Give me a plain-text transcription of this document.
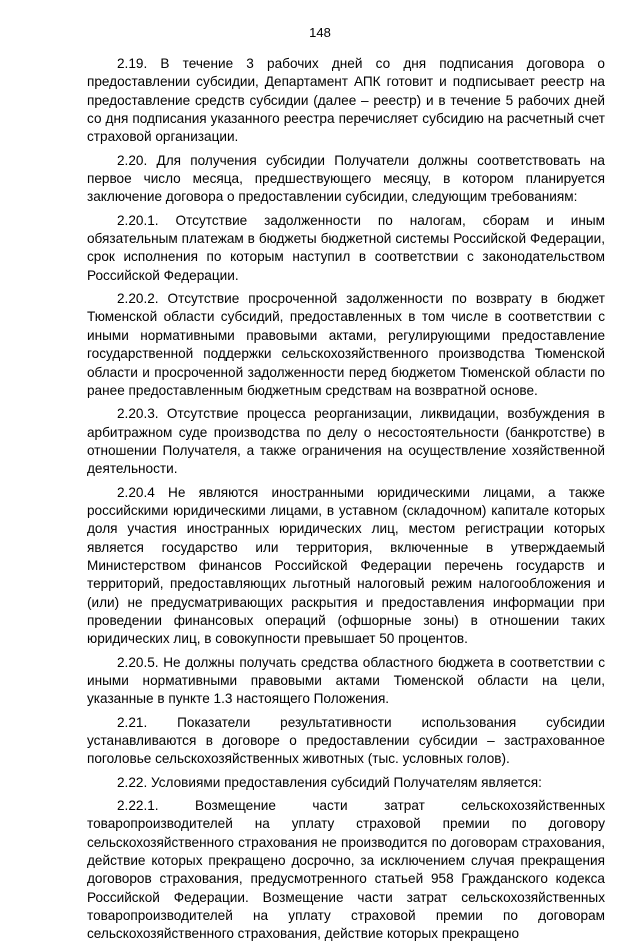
148

2.19. В течение 3 рабочих дней со дня подписания договора о предоставлении субсидии, Департамент АПК готовит и подписывает реестр на предоставление средств субсидии (далее – реестр) и в течение 5 рабочих дней со дня подписания указанного реестра перечисляет субсидию на расчетный счет страховой организации.

2.20. Для получения субсидии Получатели должны соответствовать на первое число месяца, предшествующего месяцу, в котором планируется заключение договора о предоставлении субсидии, следующим требованиям:

2.20.1. Отсутствие задолженности по налогам, сборам и иным обязательным платежам в бюджеты бюджетной системы Российской Федерации, срок исполнения по которым наступил в соответствии с законодательством Российской Федерации.

2.20.2. Отсутствие просроченной задолженности по возврату в бюджет Тюменской области субсидий, предоставленных в том числе в соответствии с иными нормативными правовыми актами, регулирующими предоставление государственной поддержки сельскохозяйственного производства Тюменской области и просроченной задолженности перед бюджетом Тюменской области по ранее предоставленным бюджетным средствам на возвратной основе.

2.20.3. Отсутствие процесса реорганизации, ликвидации, возбуждения в арбитражном суде производства по делу о несостоятельности (банкротстве) в отношении Получателя, а также ограничения на осуществление хозяйственной деятельности.

2.20.4 Не являются иностранными юридическими лицами, а также российскими юридическими лицами, в уставном (складочном) капитале которых доля участия иностранных юридических лиц, местом регистрации которых является государство или территория, включенные в утверждаемый Министерством финансов Российской Федерации перечень государств и территорий, предоставляющих льготный налоговый режим налогообложения и (или) не предусматривающих раскрытия и предоставления информации при проведении финансовых операций (офшорные зоны) в отношении таких юридических лиц, в совокупности превышает 50 процентов.

2.20.5. Не должны получать средства областного бюджета в соответствии с иными нормативными правовыми актами Тюменской области на цели, указанные в пункте 1.3 настоящего Положения.

2.21. Показатели результативности использования субсидии устанавливаются в договоре о предоставлении субсидии – застрахованное поголовье сельскохозяйственных животных (тыс. условных голов).

2.22. Условиями предоставления субсидий Получателям является:

2.22.1. Возмещение части затрат сельскохозяйственных товаропроизводителей на уплату страховой премии по договору сельскохозяйственного страхования не производится по договорам страхования, действие которых прекращено досрочно, за исключением случая прекращения договоров страхования, предусмотренного статьей 958 Гражданского кодекса Российской Федерации. Возмещение части затрат сельскохозяйственных товаропроизводителей на уплату страховой премии по договорам сельскохозяйственного страхования, действие которых прекращено
